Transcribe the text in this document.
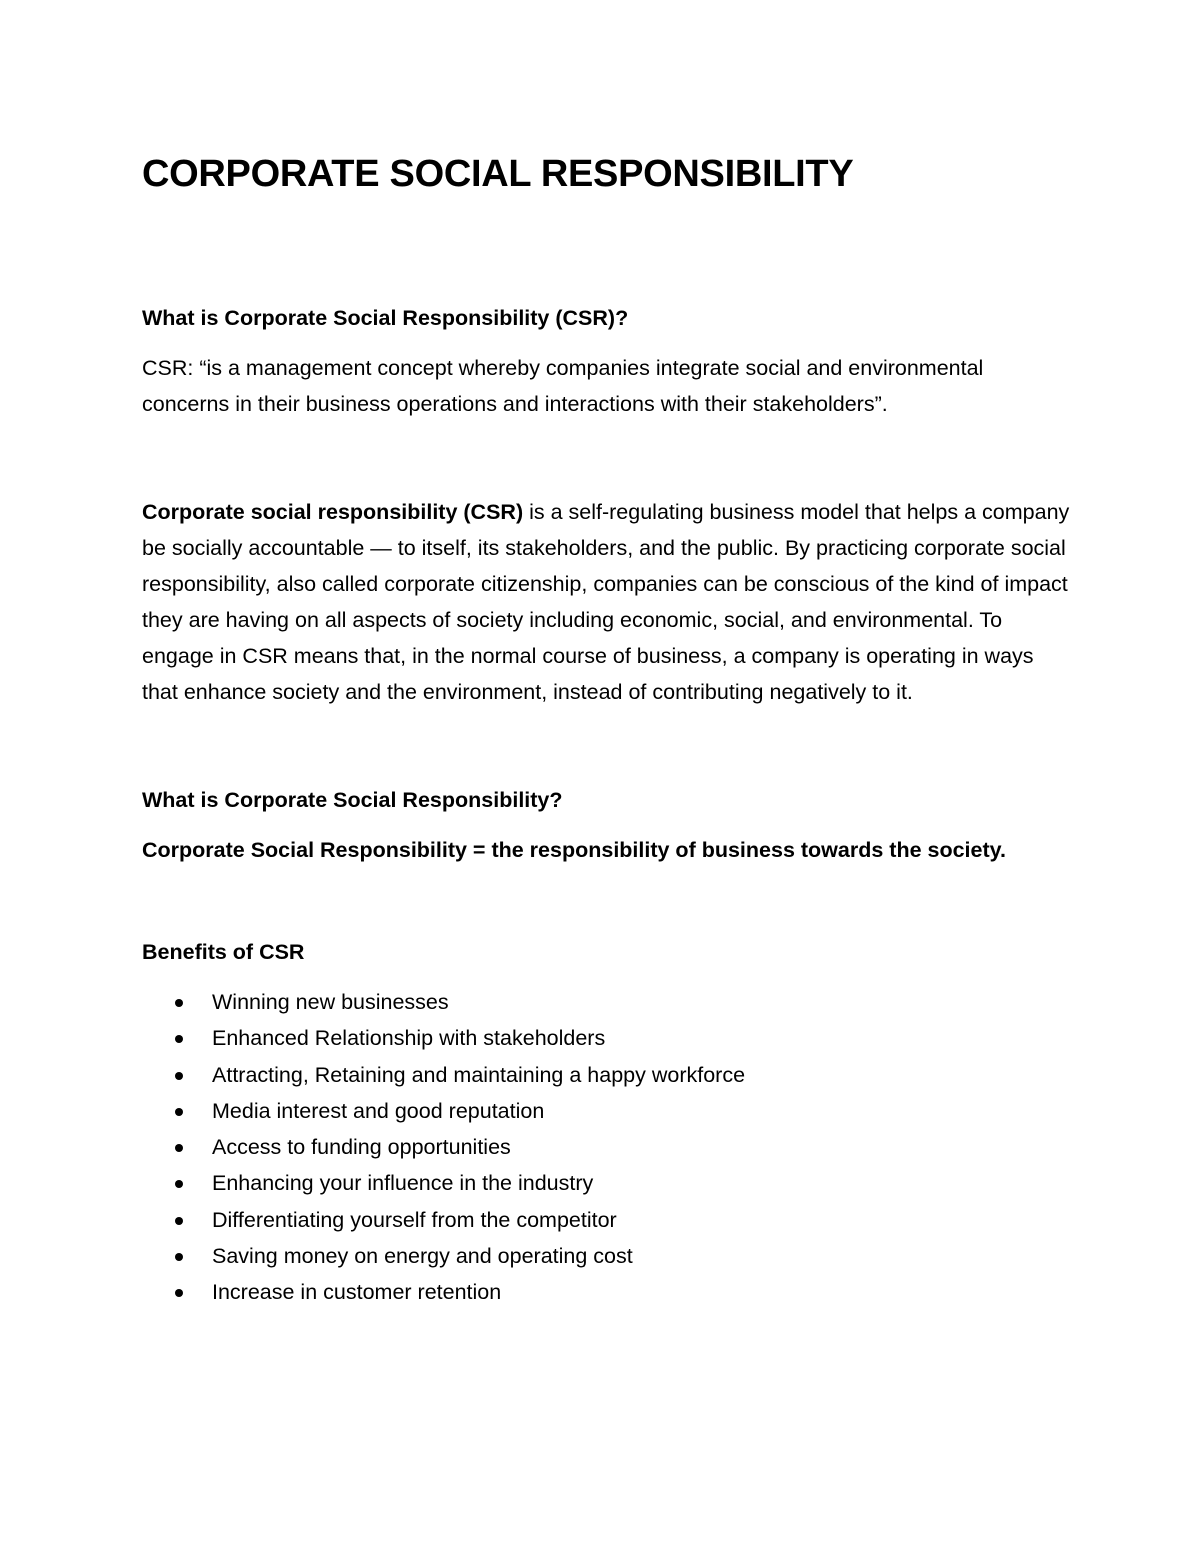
CORPORATE SOCIAL RESPONSIBILITY
What is Corporate Social Responsibility (CSR)?

CSR: “is a management concept whereby companies integrate social and environmental concerns in their business operations and interactions with their stakeholders”.

Corporate social responsibility (CSR) is a self-regulating business model that helps a company be socially accountable — to itself, its stakeholders, and the public. By practicing corporate social responsibility, also called corporate citizenship, companies can be conscious of the kind of impact they are having on all aspects of society including economic, social, and environmental. To engage in CSR means that, in the normal course of business, a company is operating in ways that enhance society and the environment, instead of contributing negatively to it.

What is Corporate Social Responsibility?

Corporate Social Responsibility = the responsibility of business towards the society.

Benefits of CSR
Winning new businesses
Enhanced Relationship with stakeholders
Attracting, Retaining and maintaining a happy workforce
Media interest and good reputation
Access to funding opportunities
Enhancing your influence in the industry
Differentiating yourself from the competitor
Saving money on energy and operating cost
Increase in customer retention
